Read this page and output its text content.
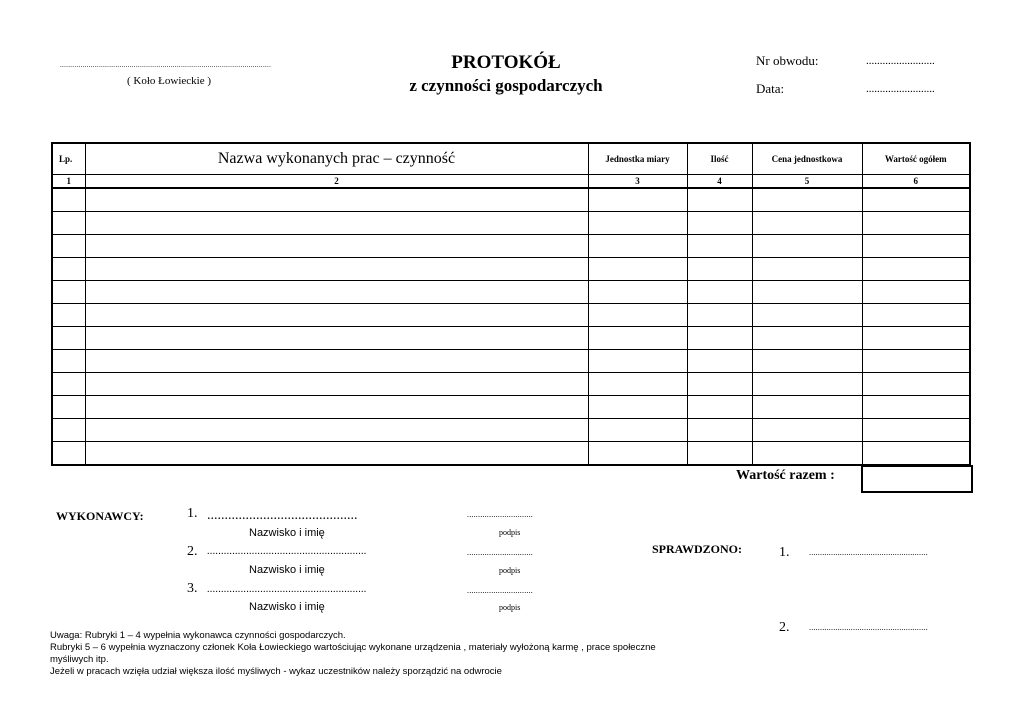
.......................................................................................................
( Koło Łowieckie )
PROTOKÓŁ
z czynności gospodarczych
Nr obwodu:	.........................
Data:	.........................
Lp.	Nazwa wykonanych prac – czynność	Jednostka miary	Ilość	Cena jednostkowa	Wartość ogółem
1	2	3	4	5	6

Wartość razem :
WYKONAWCY:	1. ...........................................
Nazwisko i imię
..............................
podpis
2. .........................................................
Nazwisko i imię
..............................
podpis
3. .........................................................
Nazwisko i imię
..............................
podpis
SPRAWDZONO:	1. ......................................................
2. ......................................................
Uwaga: Rubryki 1 – 4 wypełnia wykonawca czynności gospodarczych.
Rubryki 5 – 6 wypełnia wyznaczony członek Koła Łowieckiego wartościując wykonane urządzenia , materiały wyłożoną karmę , prace społeczne
myśliwych itp.
Jeżeli w pracach wzięła udział większa ilość myśliwych - wykaz uczestników należy sporządzić na odwrocie
